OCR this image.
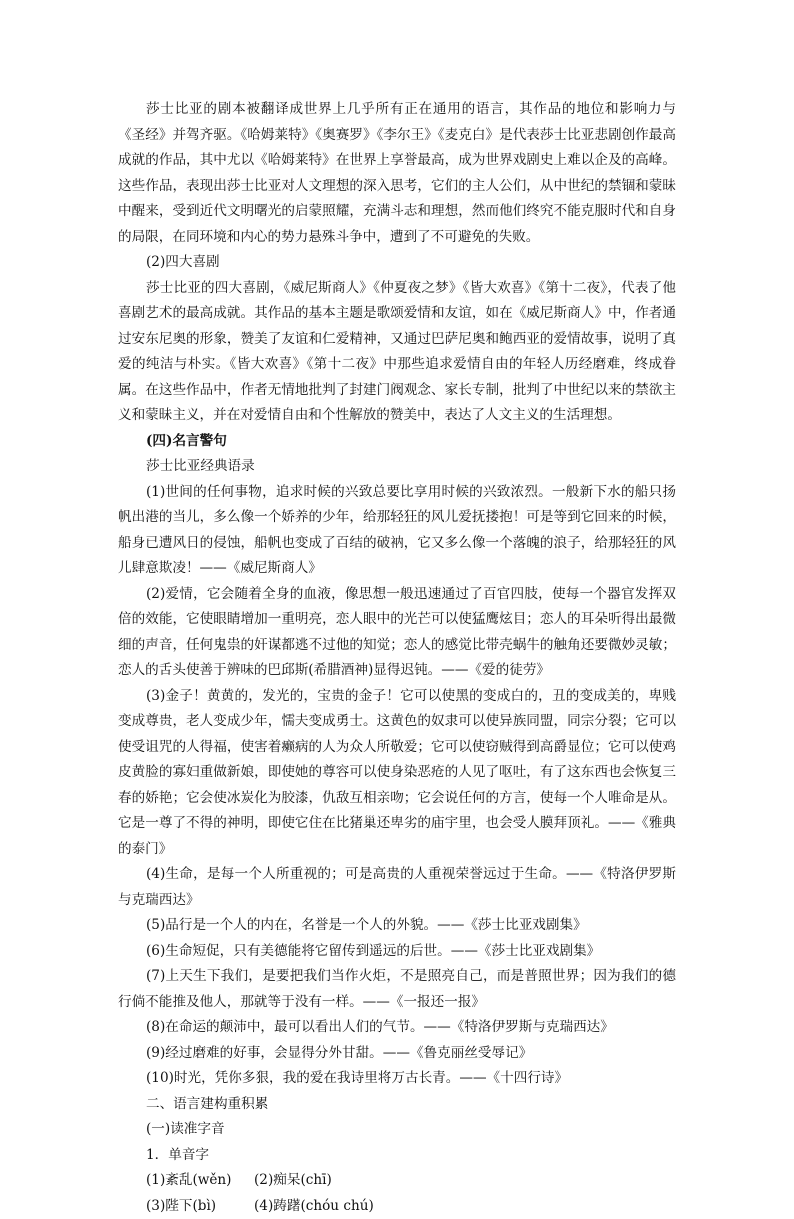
莎士比亚的剧本被翻译成世界上几乎所有正在通用的语言，其作品的地位和影响力与《圣经》并驾齐驱。《哈姆莱特》《奥赛罗》《李尔王》《麦克白》是代表莎士比亚悲剧创作最高成就的作品，其中尤以《哈姆莱特》在世界上享誉最高，成为世界戏剧史上难以企及的高峰。这些作品，表现出莎士比亚对人文理想的深入思考，它们的主人公们，从中世纪的禁锢和蒙昧中醒来，受到近代文明曙光的启蒙照耀，充满斗志和理想，然而他们终究不能克服时代和自身的局限，在同环境和内心的势力悬殊斗争中，遭到了不可避免的失败。

(2)四大喜剧

莎士比亚的四大喜剧，《威尼斯商人》《仲夏夜之梦》《皆大欢喜》《第十二夜》，代表了他喜剧艺术的最高成就。其作品的基本主题是歌颂爱情和友谊，如在《威尼斯商人》中，作者通过安东尼奥的形象，赞美了友谊和仁爱精神，又通过巴萨尼奥和鲍西亚的爱情故事，说明了真爱的纯洁与朴实。《皆大欢喜》《第十二夜》中那些追求爱情自由的年轻人历经磨难，终成眷属。在这些作品中，作者无情地批判了封建门阀观念、家长专制，批判了中世纪以来的禁欲主义和蒙昧主义，并在对爱情自由和个性解放的赞美中，表达了人文主义的生活理想。

(四)名言警句

莎士比亚经典语录

(1)世间的任何事物，追求时候的兴致总要比享用时候的兴致浓烈。一般新下水的船只扬帆出港的当儿，多么像一个娇养的少年，给那轻狂的风儿爱抚搂抱！可是等到它回来的时候，船身已遭风日的侵蚀，船帆也变成了百结的破衲，它又多么像一个落魄的浪子，给那轻狂的风儿肆意欺凌！——《威尼斯商人》

(2)爱情，它会随着全身的血液，像思想一般迅速通过了百官四肢，使每一个器官发挥双倍的效能，它使眼睛增加一重明亮，恋人眼中的光芒可以使猛鹰炫目；恋人的耳朵听得出最微细的声音，任何鬼祟的奸谋都逃不过他的知觉；恋人的感觉比带壳蜗牛的触角还要微妙灵敏；恋人的舌头使善于辨味的巴邱斯(希腊酒神)显得迟钝。——《爱的徒劳》

(3)金子！黄黄的，发光的，宝贵的金子！它可以使黑的变成白的，丑的变成美的，卑贱变成尊贵，老人变成少年，懦夫变成勇士。这黄色的奴隶可以使异族同盟，同宗分裂；它可以使受诅咒的人得福，使害着癞病的人为众人所敬爱；它可以使窃贼得到高爵显位；它可以使鸡皮黄脸的寡妇重做新娘，即使她的尊容可以使身染恶疮的人见了呕吐，有了这东西也会恢复三春的娇艳；它会使冰炭化为胶漆，仇敌互相亲吻；它会说任何的方言，使每一个人唯命是从。它是一尊了不得的神明，即使它住在比猪巢还卑劣的庙宇里，也会受人膜拜顶礼。——《雅典的泰门》

(4)生命，是每一个人所重视的；可是高贵的人重视荣誉远过于生命。——《特洛伊罗斯与克瑞西达》

(5)品行是一个人的内在，名誉是一个人的外貌。——《莎士比亚戏剧集》

(6)生命短促，只有美德能将它留传到遥远的后世。——《莎士比亚戏剧集》

(7)上天生下我们，是要把我们当作火炬，不是照亮自己，而是普照世界；因为我们的德行倘不能推及他人，那就等于没有一样。——《一报还一报》

(8)在命运的颠沛中，最可以看出人们的气节。——《特洛伊罗斯与克瑞西达》

(9)经过磨难的好事，会显得分外甘甜。——《鲁克丽丝受辱记》

(10)时光，凭你多狠，我的爱在我诗里将万古长青。——《十四行诗》

二、语言建构重积累

(一)读准字音

1．单音字

(1)紊乱(wěn)	(2)痴呆(chī)

(3)陛下(bì)	(4)踌躇(chóu chú)
